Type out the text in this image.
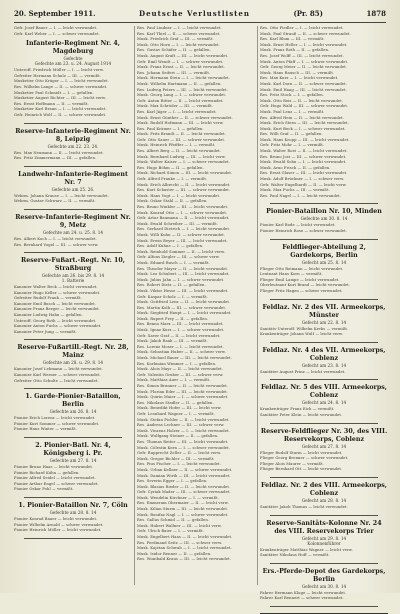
20. September 1911.	Deutsche Verlustlisten	(Pr. 85)	1878
Gefr. Josef Bauer — I. — leicht verwundet.
Gefr. Karl Weber — I. — schwer verwundet.
Infanterie-Regiment Nr. 4, Magdeburg
Gefechte
Gefechte am 23. u. 24. August 1914
Unteroff. Friedrich Müller — I. — leicht verw.
Gefreiter Hermann Schulz — III. — vermißt.
Musketier Otto Krüger — I. — leicht verwundet.
Res. Wilhelm Lange — II. — schwer verwundet.
Musketier Paul Schmidt — I. — gefallen.
Musketier August Richter — III. — leicht verw.
Res. Ernst Hoffmann — II. — vermißt.
Musketier Karl Braun — I. — leicht verwundet.
Gefr. Heinrich Wolf — II. — schwer verwundet.
Reserve-Infanterie-Regiment Nr. 8, Leipzig
Gefechte am 22. 23. 24.
Res. Max Neumann — II. — leicht verwundet.
Res. Fritz Zimmermann — III. — gefallen.
Landwehr-Infanterie-Regiment Nr. 7
Gefechte am 25. 26.
Wehrm. Johann Krause — I. — leicht verwundet.
Wehrm. Gustav Schwarz — II. — vermißt.
Reserve-Infanterie-Regiment Nr. 9, Metz
Gefechte am 24. u. 25. 8. 14
Res. Albert Koch — I. — leicht verwundet.
Res. Bernhard Vogel — III. — schwer verw.
Reserve-Fußart.-Regt. Nr. 10, Straßburg
Gefechte am 26. bis 29. 8. 14
1. Batterie
Kanonier Walter Beck — leicht verwundet.
Kanonier Hugo Keller — schwer verwundet.
Gefreiter Rudolf Frank — vermißt.
Kanonier Emil Busch — leicht verwundet.
Kanonier Franz Berger — leicht verwundet.
Kanonier Ludwig Hahn — gefallen.
Unteroff. Georg Roth — leicht verwundet.
Kanonier Anton Fuchs — schwer verwundet.
Kanonier Peter Jung — vermißt.
Reserve-Fußartill.-Regt. Nr. 28, Mainz
Gefechte am 28. u. 29. 8. 14
Kanonier Josef Lehmann — leicht verwundet.
Kanonier Karl Werner — schwer verwundet.
Gefreiter Otto Schulte — leicht verwundet.
1. Garde-Pionier-Bataillon, Berlin
Gefechte am 26. 8. 14
Pionier Erich Lorenz — leicht verwundet.
Pionier Kurt Sommer — schwer verwundet.
Pionier Hans Winter — vermißt.
2. Pionier-Batl. Nr. 4, Königsberg i. Pr.
Gefechte am 27. 8. 14
Pionier Bruno Haas — leicht verwundet.
Pionier Richard Kühn — gefallen.
Pionier Alfred Seidel — leicht verwundet.
Pionier Arthur Engel — schwer verwundet.
Pionier Oskar Pohl — vermißt.
1. Pionier-Bataillon Nr. 7, Cöln
Gefechte am 28. 8. 14
Pionier Konrad Bauer — leicht verwundet.
Pionier Wilhelm Arnold — schwer verwundet.
Pionier Heinrich Möller — leicht verwundet.
Res. Paul Lindner — I. — leicht verwundet.
Res. Karl Thiel — II. — schwer verwundet.
Musk. Friedrich Graf — III. — vermißt.
Musk. Otto Horn — I. — leicht verwundet.
Res. Gustav Schäfer — II. — gefallen.
Musk. August Kraft — III. — leicht verwundet.
Gefr. Emil Wendt — I. — schwer verwundet.
Musk. Franz Ernst — II. — leicht verwundet.
Res. Johann Seifert — III. — vermißt.
Musk. Hermann Stein — I. — leicht verwundet.
Musk. Wilhelm Hartmann — II. — gefallen.
Res. Ludwig Peters — III. — leicht verwundet.
Musk. Georg Lang — I. — schwer verwundet.
Gefr. Anton Ritter — II. — leicht verwundet.
Musk. Max Schröder — III. — vermißt.
Res. Karl Jäger — I. — leicht verwundet.
Musk. Ernst Günther — II. — schwer verwundet.
Musk. Rudolf Hofmann — III. — leicht verw.
Res. Paul Krämer — I. — gefallen.
Musk. Fritz Brandt — II. — leicht verwundet.
Gefr. Otto Sauer — III. — schwer verwundet.
Musk. Heinrich Pfeiffer — I. — vermißt.
Res. Albert Berg — II. — leicht verwundet.
Musk. Bernhard Ludwig — III. — leicht verw.
Musk. Walter Kaiser — I. — schwer verwundet.
Res. Hugo Böhm — II. — gefallen.
Musk. Richard Simon — III. — leicht verwundet.
Gefr. Alfred Franke — I. — vermißt.
Musk. Erich Albrecht — II. — leicht verwundet.
Res. Kurt Schuster — III. — schwer verwundet.
Musk. Hans Vogt — I. — leicht verwundet.
Musk. Oskar Stahl — II. — gefallen.
Res. Bruno Winkler — III. — leicht verwundet.
Musk. Konrad Otto — I. — schwer verwundet.
Gefr. Artur Baumann — II. — leicht verwundet.
Musk. Ewald Schreiber — III. — vermißt.
Res. Gerhard Dietrich — I. — leicht verwundet.
Musk. Willi Kuhn — II. — schwer verwundet.
Musk. Erwin Beyer — III. — leicht verwundet.
Res. Adolf Kühne — I. — gefallen.
Musk. Reinhold Sommer — II. — leicht verw.
Gefr. Alfons Ziegler — III. — schwer verw.
Musk. Eduard Busch — I. — vermißt.
Res. Theodor Mayer — II. — leicht verwundet.
Musk. Leo Schubert — III. — leicht verwundet.
Musk. Julius Jahn — I. — schwer verwundet.
Res. Robert Dietz — II. — gefallen.
Musk. Viktor Hesse — III. — leicht verwundet.
Gefr. Kaspar Scholz — I. — vermißt.
Musk. Gottfried Lenz — II. — leicht verwundet.
Res. Martin Kolb — III. — schwer verwundet.
Musk. Siegfried Haupt — I. — leicht verwundet.
Musk. Rupert Frey — II. — gefallen.
Res. Benno Marx — III. — leicht verwundet.
Musk. Ignaz Kurz — I. — schwer verwundet.
Gefr. Xaver Graf — II. — leicht verwundet.
Musk. Jakob Raab — III. — vermißt.
Res. Lorenz Moser — I. — leicht verwundet.
Musk. Sebastian Huber — II. — schwer verw.
Musk. Michael Bauer — III. — leicht verwundet.
Res. Korbinian Wimmer — I. — gefallen.
Musk. Alois Mayr — II. — leicht verwundet.
Gefr. Valentin Gruber — III. — schwer verw.
Musk. Matthias Auer — I. — vermißt.
Res. Simon Brunner — II. — leicht verwundet.
Musk. Florian Eder — III. — leicht verwundet.
Musk. Quirin Maier — I. — schwer verwundet.
Res. Nikolaus Stadler — II. — gefallen.
Musk. Benedikt Hofer — III. — leicht verw.
Gefr. Leonhard Wagner — I. — vermißt.
Musk. Stefan Pichler — II. — leicht verwundet.
Res. Andreas Lechner — III. — schwer verw.
Musk. Vinzenz Holzer — I. — leicht verwundet.
Musk. Wolfgang Steiner — II. — gefallen.
Res. Thomas Reiter — III. — leicht verwundet.
Musk. Cölestin Kern — I. — schwer verwundet.
Gefr. Rupprecht Zeller — II. — leicht verw.
Musk. Gregor Bichler — III. — vermißt.
Res. Pius Fischer — I. — leicht verwundet.
Musk. Urban Kellner — II. — schwer verwundet.
Musk. Damian Wirth — III. — leicht verwundet.
Res. Severin Egger — I. — gefallen.
Musk. Blasius Rieder — II. — leicht verwundet.
Gefr. Cyriak Mader — III. — schwer verwundet.
Musk. Wendelin Kirchner — I. — vermißt.
Res. Emmeram Obermaier — II. — leicht verw.
Musk. Kilian Sturm — III. — leicht verwundet.
Musk. Bonifaz Nagl — I. — schwer verwundet.
Res. Gallus Schmid — II. — gefallen.
Musk. Hubert Wallner — III. — leicht verw.
Gefr. Ulrich Baier — I. — vermißt.
Musk. Engelbert Haas — II. — leicht verwundet.
Res. Ferdinand Seitz — III. — schwer verw.
Musk. Kajetan Schwab — I. — leicht verwundet.
Musk. Isidor Renner — II. — gefallen.
Res. Wunibald Kraus — III. — leicht verwundet.
Res. Otto Fiedler — I. — leicht verwundet.
Musk. Paul Strauß — II. — schwer verwundet.
Res. Karl Blum — III. — vermißt.
Musk. Ernst Heller — I. — leicht verwundet.
Musk. Franz Roth — II. — gefallen.
Res. Josef Wolff — III. — leicht verwundet.
Musk. Anton Pfaff — I. — schwer verwundet.
Gefr. Georg Meier — II. — leicht verwundet.
Musk. Hans Rausch — III. — vermißt.
Res. Max Kurz — I. — leicht verwundet.
Musk. Karl Dorn — II. — schwer verwundet.
Musk. Emil Haag — III. — leicht verwundet.
Res. Fritz Stock — I. — gefallen.
Musk. Otto Reis — II. — leicht verwundet.
Gefr. Hugo Wald — III. — schwer verwundet.
Musk. Paul Lenz — I. — vermißt.
Res. Alfred Hein — II. — leicht verwundet.
Musk. Erich Stern — III. — leicht verwundet.
Musk. Kurt Beck — I. — schwer verwundet.
Res. Willi Graf — II. — gefallen.
Musk. Hans Kropp — III. — leicht verwundet.
Gefr. Fritz Mohr — I. — vermißt.
Musk. Walter Rost — II. — leicht verwundet.
Res. Bruno Jost — III. — schwer verwundet.
Musk. Ewald Sohn — I. — leicht verwundet.
Musk. Arno Frisch — II. — gefallen.
Res. Ernst Glaser — III. — leicht verwundet.
Musk. Adolf Brückner — I. — schwer verw.
Gefr. Walter Engelhardt — II. — leicht verw.
Musk. Max Fuchs — III. — vermißt.
Res. Paul Nagel — I. — leicht verwundet.
Pionier-Bataillon Nr. 10, Minden
Gefechte am 30. 8. 14
Pionier Karl Bode — leicht verwundet.
Pionier Heinrich Rose — schwer verwundet.
Feldflieger-Abteilung 2, Gardekorps, Berlin
Gefecht am 25. 8. 14
Flieger Otto Reimann — leicht verwundet.
Leutnant Hans Korn — vermißt.
Flieger Emil Lampe — leicht verwundet.
Oberleutnant Kurt Brand — leicht verwundet.
Flieger Fritz Hagen — schwer verwundet.
Feldlaz. Nr. 2 des VII. Armeekorps, Münster
Gefecht am 22. 8. 14
Sanitäts-Unteroff. Wilhelm Krebs — vermißt.
Krankenträger Johann Wulf — leicht verw.
Feldlaz. Nr. 4 des VII. Armeekorps, Coblenz
Gefecht am 23. 8. 14
Sanitäter August Prinz — leicht verwundet.
Feldlaz. Nr. 5 des VIII. Armeekorps, Coblenz
Gefecht am 24. 8. 14
Krankenträger Franz Eich — vermißt.
Sanitäter Peter Klein — leicht verwundet.
Reserve-Feldflieger Nr. 30, des VIII. Reservekorps, Coblenz
Gefecht am 27. 8. 14
Flieger Rudolf Sturm — leicht verwundet.
Flieger Georg Brenner — schwer verwundet.
Flieger Alois Maurer — vermißt.
Flieger Bernhard Ott — leicht verwundet.
Feldlaz. Nr. 2 des VIII. Armeekorps, Coblenz
Gefecht am 28. 8. 14
Sanitäter Jakob Thomas — leicht verwundet.
Reserve-Sanitäts-Kolonne Nr. 24 des VIII. Reservekorps Trier
Gefecht am 29. 8. 14
Kolonnenführer
Krankenträger Matthias Wagner — leicht verw.
Sanitäter Nikolaus Hoff — vermißt.
Ers.-Pferde-Depot des Gardekorps, Berlin
Gefecht am 30. 8. 14
Fahrer Hermann Kluge — leicht verwundet.
Fahrer Karl Rennert — schwer verwundet.
